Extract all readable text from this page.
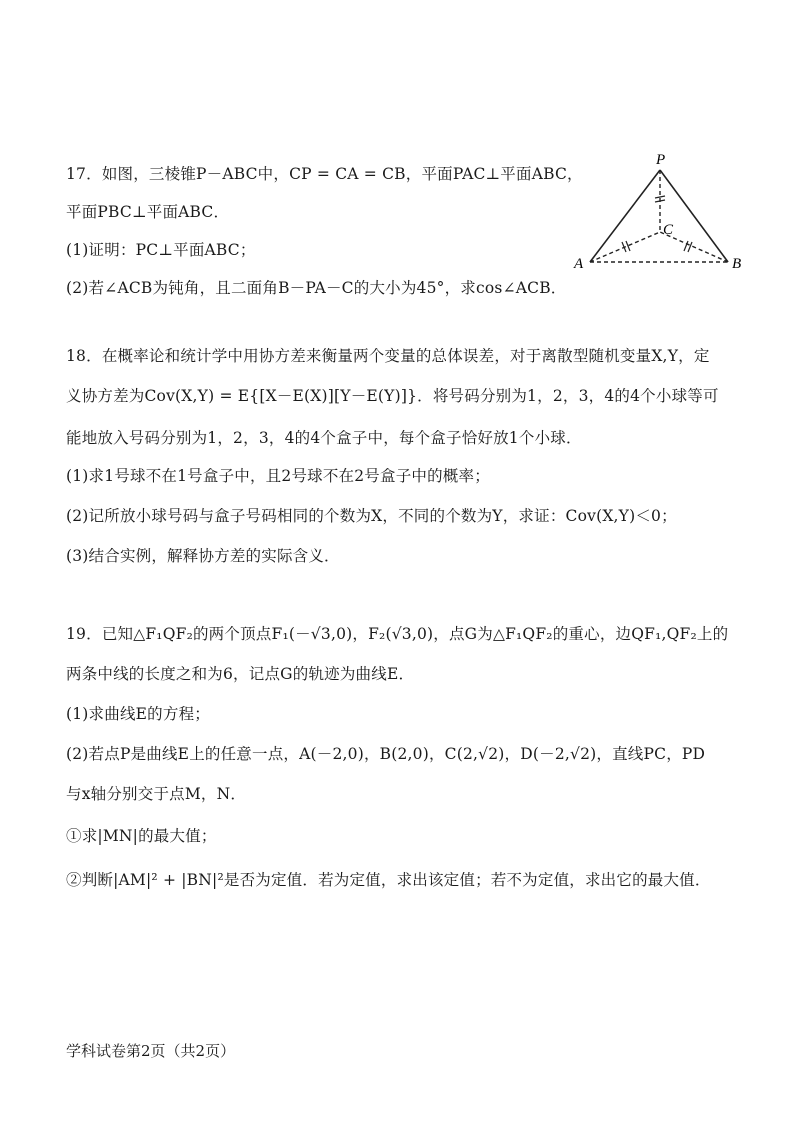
17．如图，三棱锥P－ABC中，CP = CA = CB，平面PAC⊥平面ABC，
平面PBC⊥平面ABC．
(1)证明：PC⊥平面ABC；
(2)若∠ACB为钝角，且二面角B－PA－C的大小为45°，求cos∠ACB．
P
C
A	B
18．在概率论和统计学中用协方差来衡量两个变量的总体误差，对于离散型随机变量X,Y，定
义协方差为Cov(X,Y) = E{[X－E(X)][Y－E(Y)]}．将号码分别为1，2，3，4的4个小球等可
能地放入号码分别为1，2，3，4的4个盒子中，每个盒子恰好放1个小球．
(1)求1号球不在1号盒子中，且2号球不在2号盒子中的概率；
(2)记所放小球号码与盒子号码相同的个数为X，不同的个数为Y，求证：Cov(X,Y)＜0；
(3)结合实例，解释协方差的实际含义．
19．已知△F₁QF₂的两个顶点F₁(－√3,0)，F₂(√3,0)，点G为△F₁QF₂的重心，边QF₁,QF₂上的
两条中线的长度之和为6，记点G的轨迹为曲线E．
(1)求曲线E的方程；
(2)若点P是曲线E上的任意一点，A(－2,0)，B(2,0)，C(2,√2)，D(－2,√2)，直线PC，PD
与x轴分别交于点M，N．
①求|MN|的最大值；
②判断|AM|² + |BN|²是否为定值．若为定值，求出该定值；若不为定值，求出它的最大值．
学科试卷第2页（共2页）
